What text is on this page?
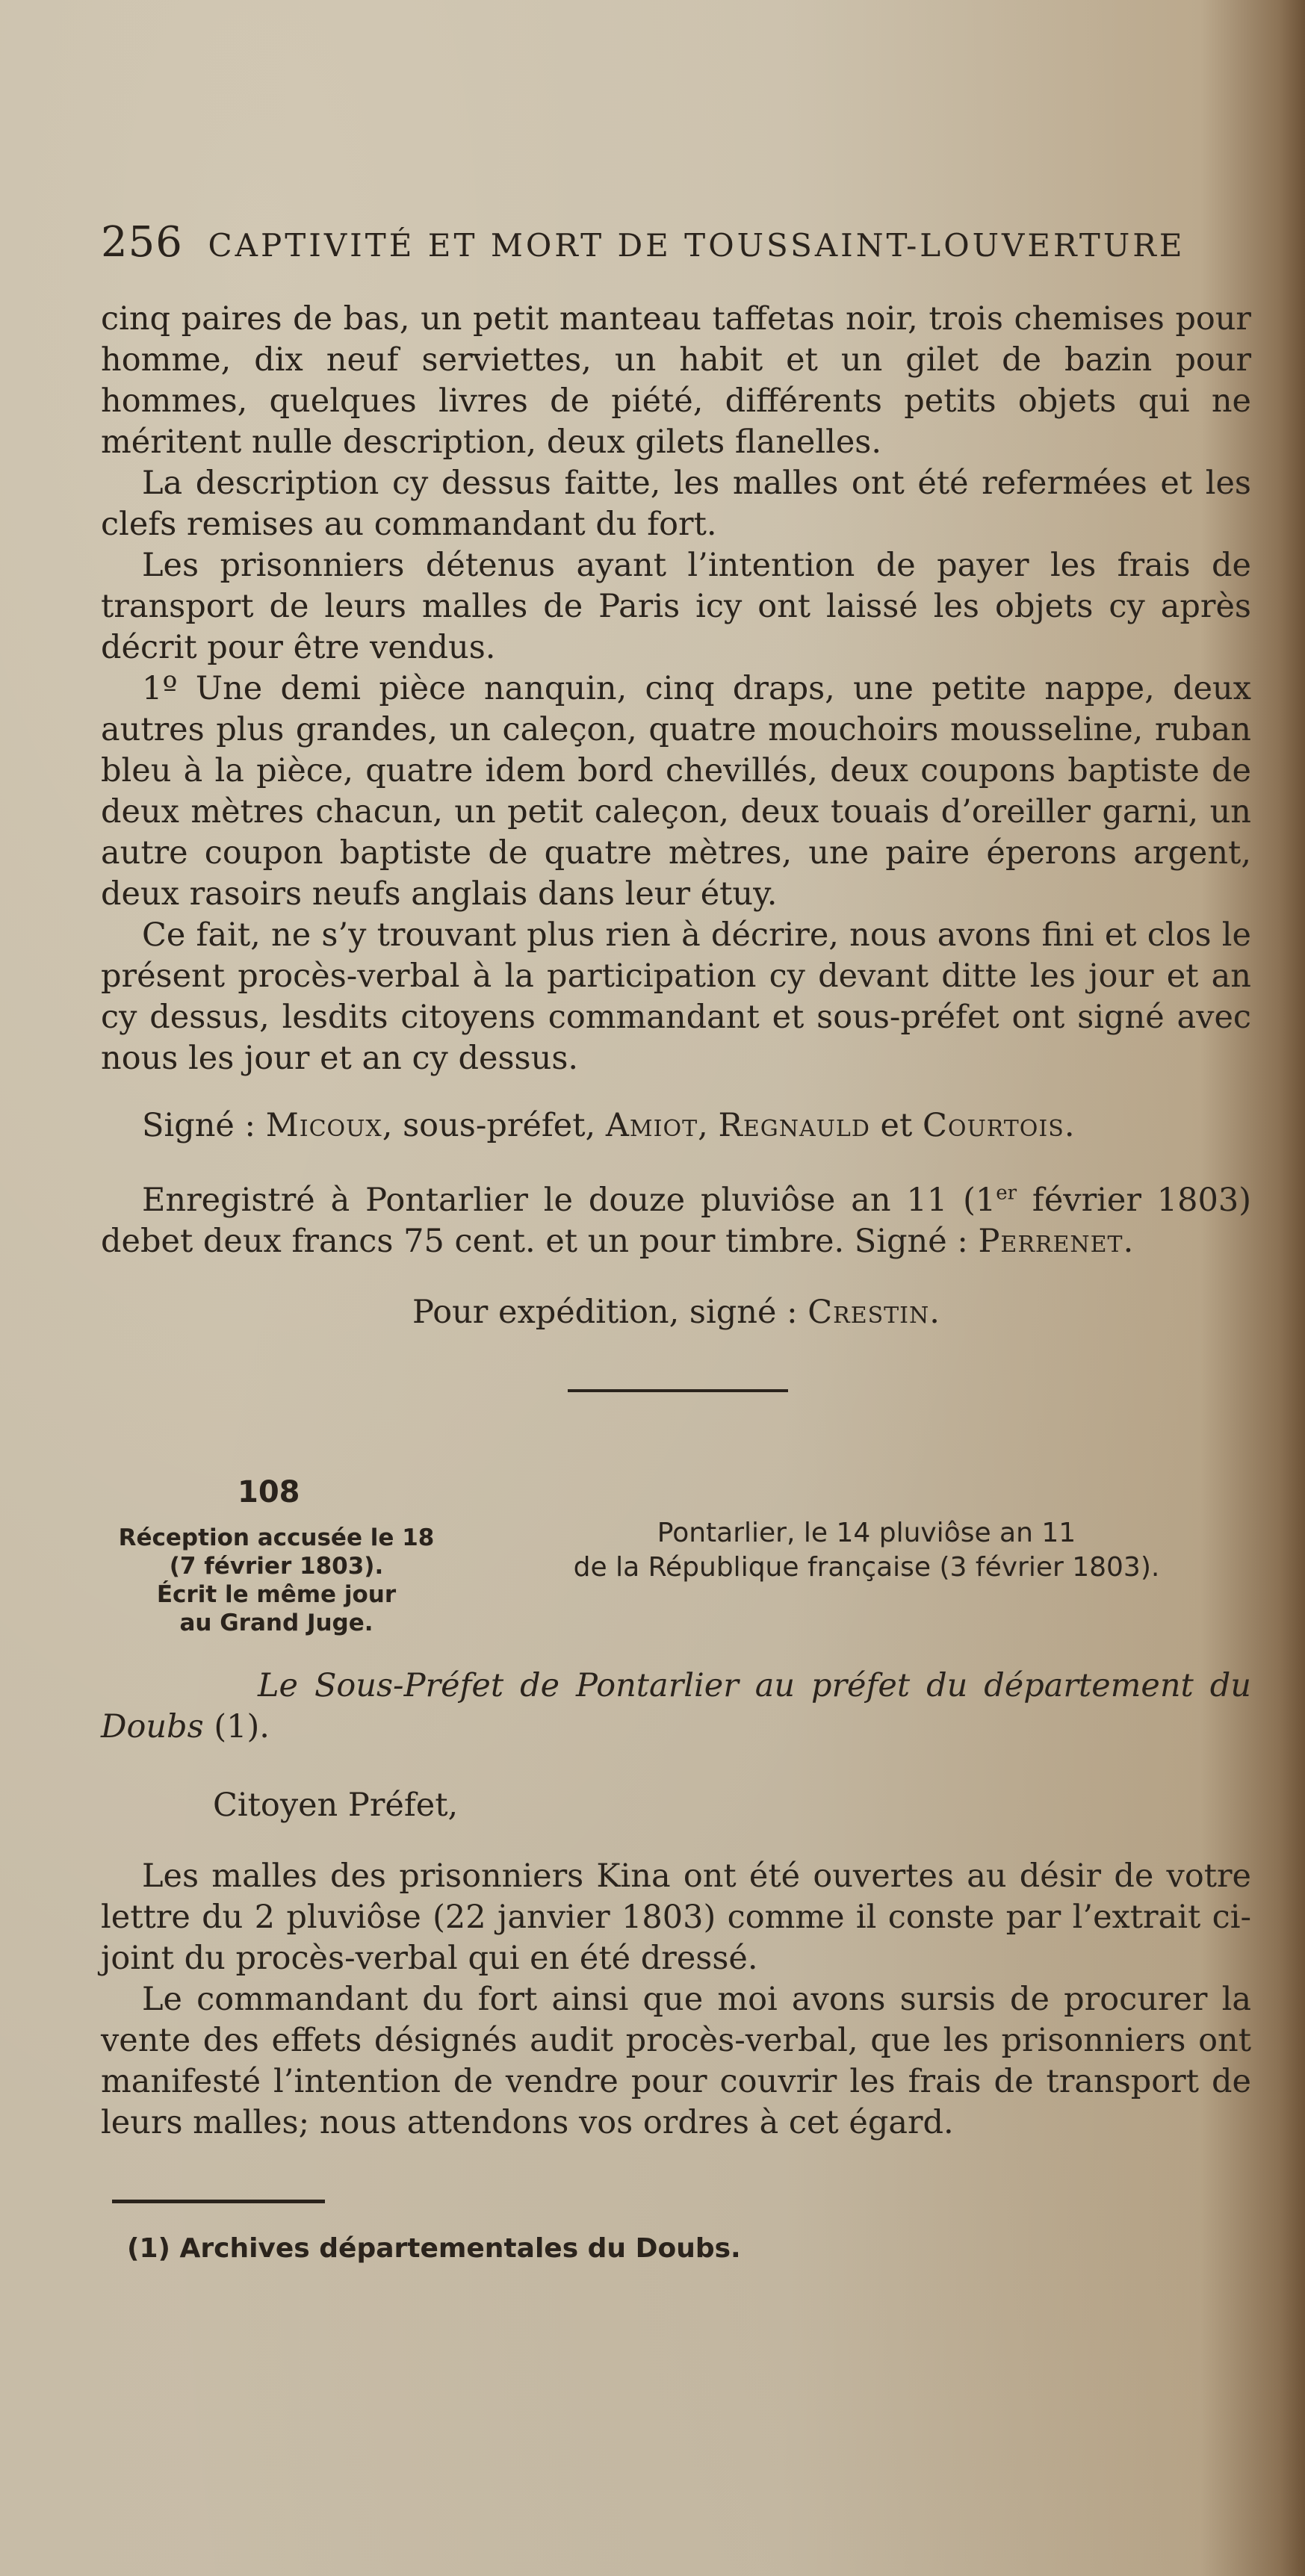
256 CAPTIVITÉ ET MORT DE TOUSSAINT-LOUVERTURE

cinq paires de bas, un petit manteau taffetas noir, trois chemises pour homme, dix neuf serviettes, un habit et un gilet de bazin pour hommes, quelques livres de piété, différents petits objets qui ne méritent nulle description, deux gilets flanelles.

La description cy dessus faitte, les malles ont été refermées et les clefs remises au commandant du fort.

Les prisonniers détenus ayant l’intention de payer les frais de transport de leurs malles de Paris icy ont laissé les objets cy après décrit pour être vendus.

1º Une demi pièce nanquin, cinq draps, une petite nappe, deux autres plus grandes, un caleçon, quatre mouchoirs mousseline, ruban bleu à la pièce, quatre idem bord chevillés, deux coupons baptiste de deux mètres chacun, un petit caleçon, deux touais d’oreiller garni, un autre coupon baptiste de quatre mètres, une paire éperons argent, deux rasoirs neufs anglais dans leur étuy.

Ce fait, ne s’y trouvant plus rien à décrire, nous avons fini et clos le présent procès-verbal à la participation cy devant ditte les jour et an cy dessus, lesdits citoyens commandant et sous-préfet ont signé avec nous les jour et an cy dessus.

Signé : Micoux, sous-préfet, Amiot, Regnauld et Courtois.

Enregistré à Pontarlier le douze pluviôse an 11 (1er février 1803) debet deux francs 75 cent. et un pour timbre. Signé : Perrenet.

Pour expédition, signé : Crestin.
108
Réception accusée le 18
(7 février 1803).
Écrit le même jour
au Grand Juge.
Pontarlier, le 14 pluviôse an 11
de la République française (3 février 1803).

Le Sous-Préfet de Pontarlier au préfet du département du Doubs (1).

Citoyen Préfet,

Les malles des prisonniers Kina ont été ouvertes au désir de votre lettre du 2 pluviôse (22 janvier 1803) comme il conste par l’extrait ci-joint du procès-verbal qui en été dressé.

Le commandant du fort ainsi que moi avons sursis de procurer la vente des effets désignés audit procès-verbal, que les prisonniers ont manifesté l’intention de vendre pour couvrir les frais de transport de leurs malles; nous attendons vos ordres à cet égard.

(1) Archives départementales du Doubs.
